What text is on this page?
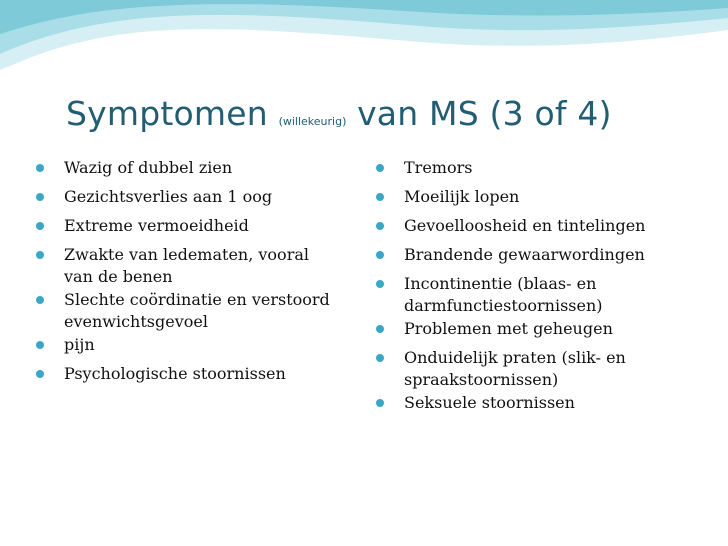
Symptomen (willekeurig) van MS (3 of 4)
Wazig of dubbel zien
Gezichtsverlies aan 1 oog
Extreme vermoeidheid
Zwakte van ledematen, vooral
van de benen
Slechte coördinatie en verstoord
evenwichtsgevoel
pijn
Psychologische stoornissen
Tremors
Moeilijk lopen
Gevoelloosheid en tintelingen
Brandende gewaarwordingen
Incontinentie (blaas- en
darmfunctiestoornissen)
Problemen met geheugen
Onduidelijk praten (slik- en
spraakstoornissen)
Seksuele stoornissen
